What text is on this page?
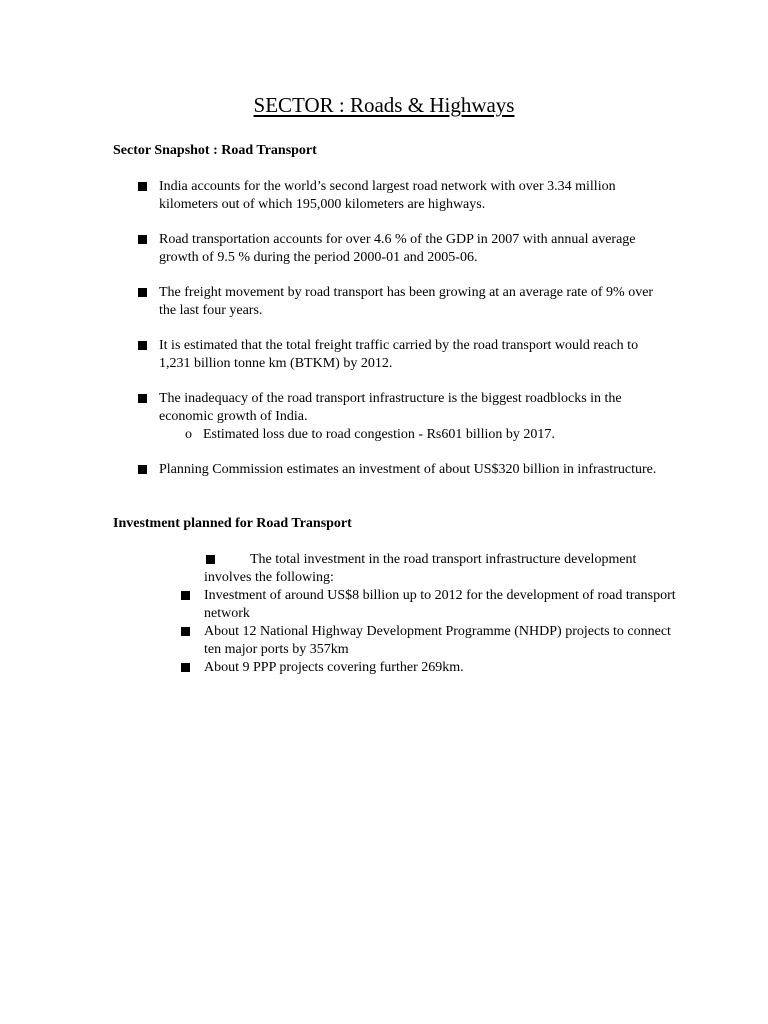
SECTOR : Roads & Highways
Sector Snapshot : Road Transport
India accounts for the world’s second largest road network with over 3.34 million kilometers out of which 195,000 kilometers are highways.
Road transportation accounts for over 4.6 % of the GDP in 2007 with annual average growth of 9.5 % during the period 2000-01 and 2005-06.
The freight movement by road transport has been growing at an average rate of 9% over the last four years.
It is estimated that the total freight traffic carried by the road transport would reach to 1,231 billion tonne km (BTKM) by 2012.
The inadequacy of the road transport infrastructure is the biggest roadblocks in the economic growth of India.
o Estimated loss due to road congestion - Rs601 billion by 2017.
Planning Commission estimates an investment of about US$320 billion in infrastructure.
Investment planned for Road Transport
The total investment in the road transport infrastructure development involves the following:
Investment of around US$8 billion up to 2012 for the development of road transport network
About 12 National Highway Development Programme (NHDP) projects to connect ten major ports by 357km
About 9 PPP projects covering further 269km.
